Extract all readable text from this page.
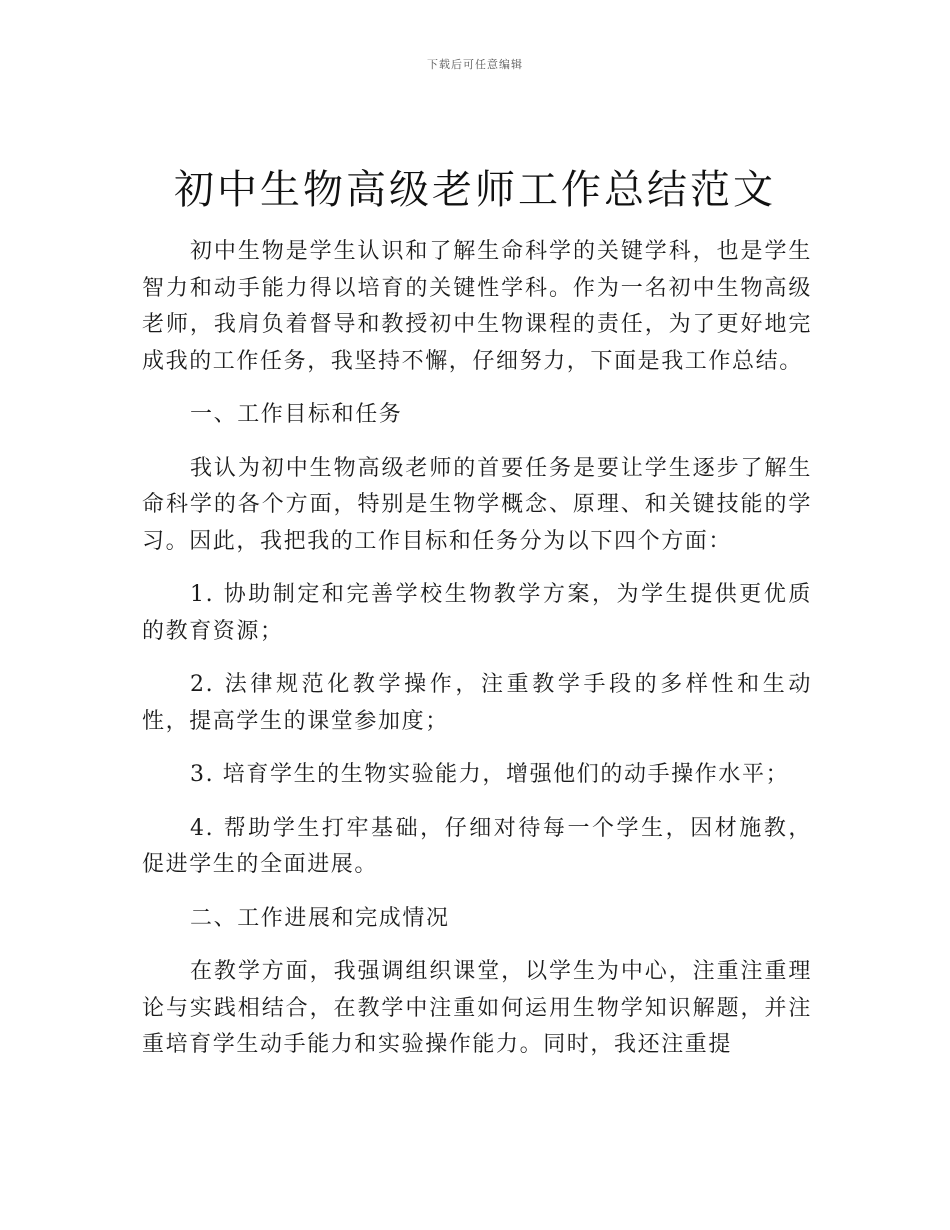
下载后可任意编辑
初中生物高级老师工作总结范文

初中生物是学生认识和了解生命科学的关键学科，也是学生智力和动手能力得以培育的关键性学科。作为一名初中生物高级老师，我肩负着督导和教授初中生物课程的责任，为了更好地完成我的工作任务，我坚持不懈，仔细努力，下面是我工作总结。

一、工作目标和任务

我认为初中生物高级老师的首要任务是要让学生逐步了解生命科学的各个方面，特别是生物学概念、原理、和关键技能的学习。因此，我把我的工作目标和任务分为以下四个方面：

1. 协助制定和完善学校生物教学方案，为学生提供更优质的教育资源；

2. 法律规范化教学操作，注重教学手段的多样性和生动性，提高学生的课堂参加度；

3. 培育学生的生物实验能力，增强他们的动手操作水平；

4. 帮助学生打牢基础，仔细对待每一个学生，因材施教，促进学生的全面进展。

二、工作进展和完成情况

在教学方面，我强调组织课堂，以学生为中心，注重注重理论与实践相结合，在教学中注重如何运用生物学知识解题，并注重培育学生动手能力和实验操作能力。同时，我还注重提
